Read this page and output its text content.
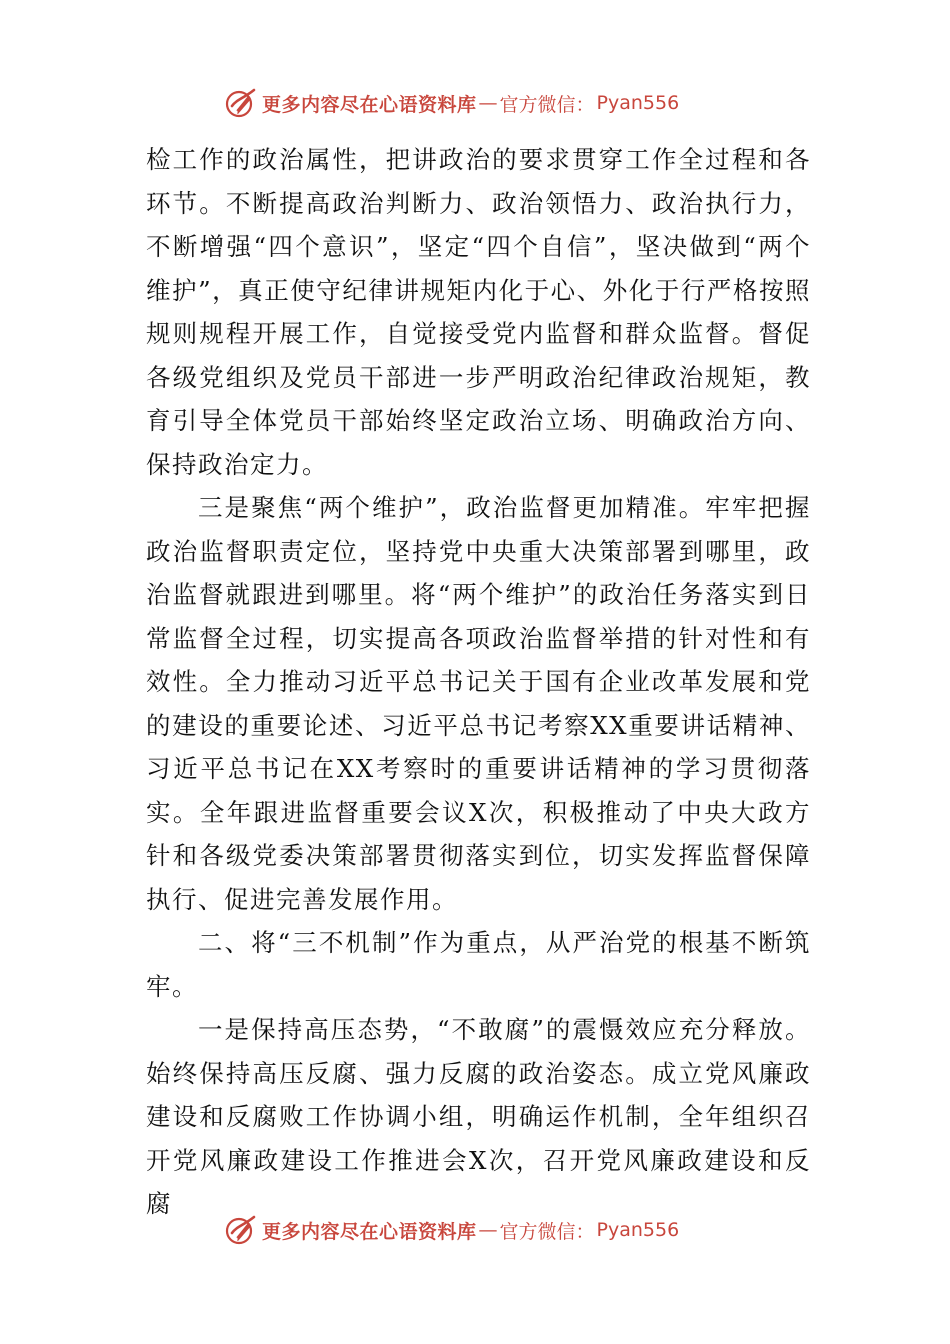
更多内容尽在心语资料库 — 官方微信： Pyan556

检工作的政治属性，把讲政治的要求贯穿工作全过程和各环节。不断提高政治判断力、政治领悟力、政治执行力，不断增强“四个意识”，坚定“四个自信”，坚决做到“两个维护”，真正使守纪律讲规矩内化于心、外化于行严格按照规则规程开展工作，自觉接受党内监督和群众监督。督促各级党组织及党员干部进一步严明政治纪律政治规矩，教育引导全体党员干部始终坚定政治立场、明确政治方向、保持政治定力。

三是聚焦“两个维护”，政治监督更加精准。牢牢把握政治监督职责定位，坚持党中央重大决策部署到哪里，政治监督就跟进到哪里。将“两个维护”的政治任务落实到日常监督全过程，切实提高各项政治监督举措的针对性和有效性。全力推动习近平总书记关于国有企业改革发展和党的建设的重要论述、习近平总书记考察XX重要讲话精神、习近平总书记在XX考察时的重要讲话精神的学习贯彻落实。全年跟进监督重要会议X次，积极推动了中央大政方针和各级党委决策部署贯彻落实到位，切实发挥监督保障执行、促进完善发展作用。

二、将“三不机制”作为重点，从严治党的根基不断筑牢。

一是保持高压态势，“不敢腐”的震慑效应充分释放。始终保持高压反腐、强力反腐的政治姿态。成立党风廉政建设和反腐败工作协调小组，明确运作机制，全年组织召开党风廉政建设工作推进会X次，召开党风廉政建设和反腐

更多内容尽在心语资料库 — 官方微信： Pyan556
